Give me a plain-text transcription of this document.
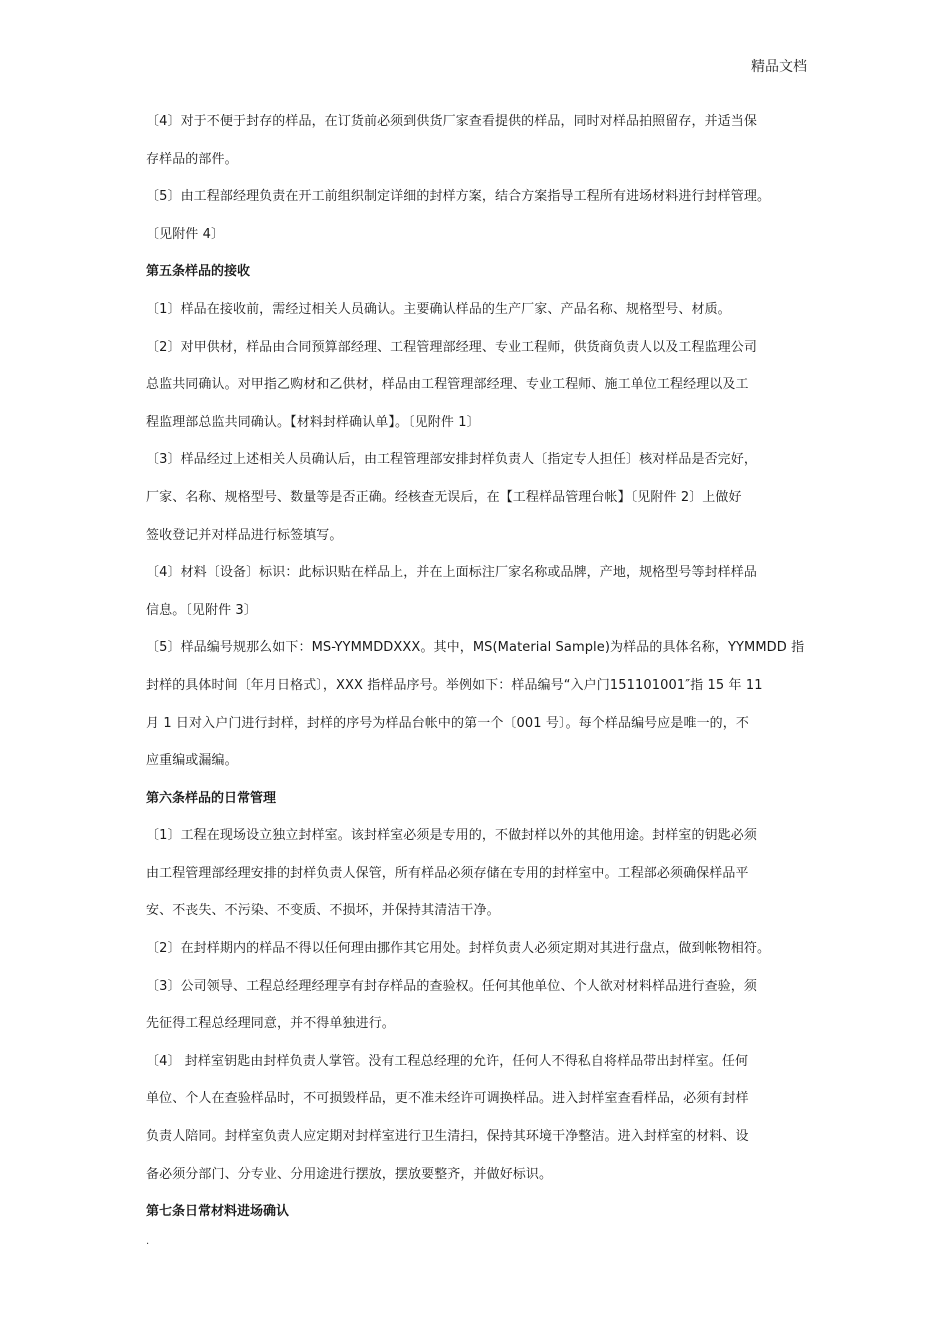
精品文档

〔4〕对于不便于封存的样品，在订货前必须到供货厂家查看提供的样品，同时对样品拍照留存，并适当保

存样品的部件。

〔5〕由工程部经理负责在开工前组织制定详细的封样方案，结合方案指导工程所有进场材料进行封样管理。

〔见附件 4〕

第五条样品的接收

〔1〕样品在接收前，需经过相关人员确认。主要确认样品的生产厂家、产品名称、规格型号、材质。

〔2〕对甲供材，样品由合同预算部经理、工程管理部经理、专业工程师，供货商负责人以及工程监理公司

总监共同确认。对甲指乙购材和乙供材，样品由工程管理部经理、专业工程师、施工单位工程经理以及工

程监理部总监共同确认。【材料封样确认单】。〔见附件 1〕

〔3〕样品经过上述相关人员确认后，由工程管理部安排封样负责人〔指定专人担任〕核对样品是否完好，

厂家、名称、规格型号、数量等是否正确。经核查无误后，在【工程样品管理台帐】〔见附件 2〕上做好

签收登记并对样品进行标签填写。

〔4〕材料〔设备〕标识：此标识贴在样品上，并在上面标注厂家名称或品牌，产地，规格型号等封样样品

信息。〔见附件 3〕

〔5〕样品编号规那么如下：MS-YYMMDDXXX。其中，MS(Material Sample)为样品的具体名称，YYMMDD 指

封样的具体时间〔年月日格式〕，XXX 指样品序号。举例如下：样品编号“入户门151101001″指 15 年 11

月 1 日对入户门进行封样，封样的序号为样品台帐中的第一个〔001 号〕。每个样品编号应是唯一的，不

应重编或漏编。

第六条样品的日常管理

〔1〕工程在现场设立独立封样室。该封样室必须是专用的，不做封样以外的其他用途。封样室的钥匙必须

由工程管理部经理安排的封样负责人保管，所有样品必须存储在专用的封样室中。工程部必须确保样品平

安、不丧失、不污染、不变质、不损坏，并保持其清洁干净。

〔2〕在封样期内的样品不得以任何理由挪作其它用处。封样负责人必须定期对其进行盘点，做到帐物相符。

〔3〕公司领导、工程总经理经理享有封存样品的查验权。任何其他单位、个人欲对材料样品进行查验，须

先征得工程总经理同意，并不得单独进行。

〔4〕 封样室钥匙由封样负责人掌管。没有工程总经理的允许，任何人不得私自将样品带出封样室。任何

单位、个人在查验样品时，不可损毁样品，更不准未经许可调换样品。进入封样室查看样品，必须有封样

负责人陪同。封样室负责人应定期对封样室进行卫生清扫，保持其环境干净整洁。进入封样室的材料、设

备必须分部门、分专业、分用途进行摆放，摆放要整齐，并做好标识。

第七条日常材料进场确认

.
